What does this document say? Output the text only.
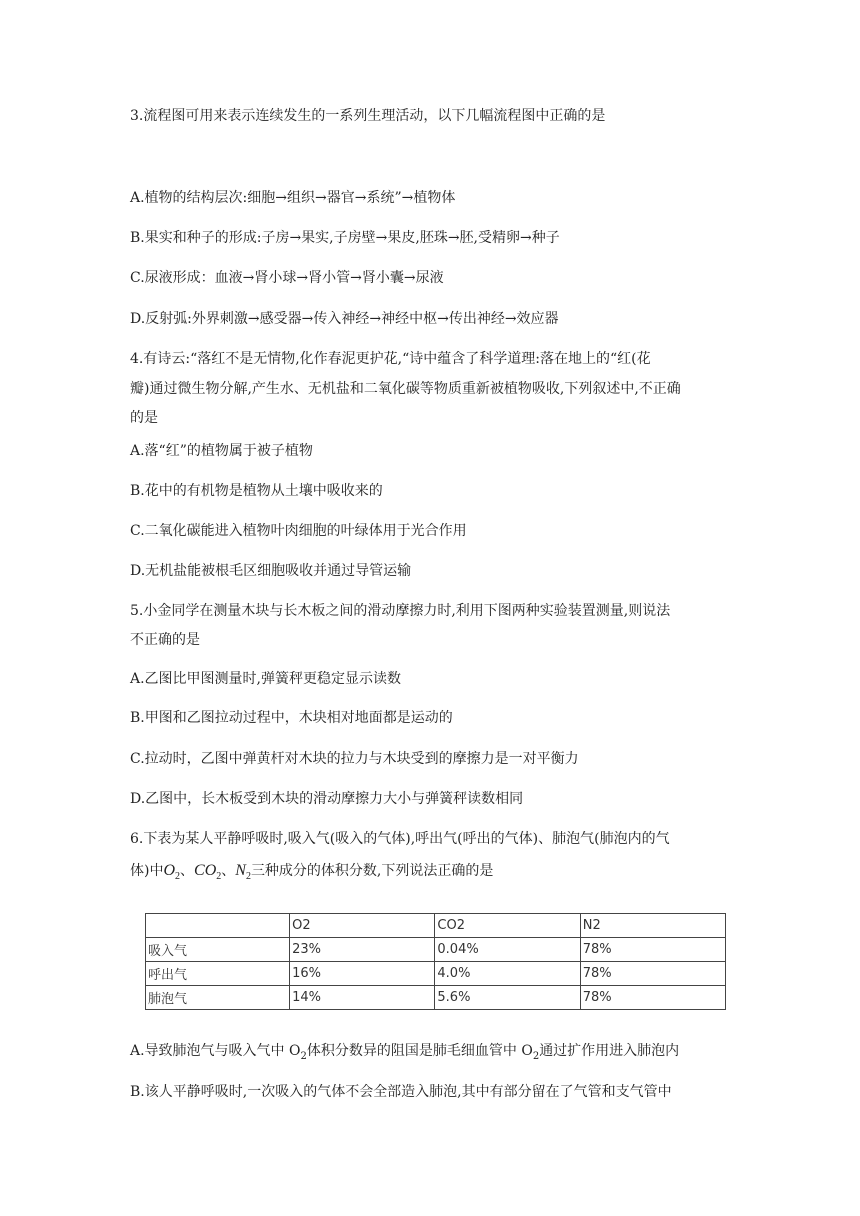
3.流程图可用来表示连续发生的一系列生理活动，以下几幅流程图中正确的是
A.植物的结构层次:细胞→组织→器官→系统”→植物体
B.果实和种子的形成:子房→果实,子房壁→果皮,胚珠→胚,受精卵→种子
C.尿液形成：血液→肾小球→肾小管→肾小囊→尿液
D.反射弧:外界刺激→感受器→传入神经→神经中枢→传出神经→效应器
4.有诗云:“落红不是无情物,化作春泥更护花,“诗中蕴含了科学道理:落在地上的“红(花
瓣)通过微生物分解,产生水、无机盐和二氧化碳等物质重新被植物吸收,下列叙述中,不正确
的是
A.落“红”的植物属于被子植物
B.花中的有机物是植物从土壤中吸收来的
C.二氧化碳能进入植物叶肉细胞的叶绿体用于光合作用
D.无机盐能被根毛区细胞吸收并通过导管运输
5.小金同学在测量木块与长木板之间的滑动摩擦力时,利用下图两种实验装置测量,则说法
不正确的是
A.乙图比甲图测量时,弹簧秤更稳定显示读数
B.甲图和乙图拉动过程中，木块相对地面都是运动的
C.拉动时，乙图中弹黄杆对木块的拉力与木块受到的摩擦力是一对平衡力
D.乙图中，长木板受到木块的滑动摩擦力大小与弹簧秤读数相同
6.下表为某人平静呼吸时,吸入气(吸入的气体),呼出气(呼出的气体)、肺泡气(肺泡内的气
体)中$O_2$、$CO_2$、$N_2$三种成分的体积分数,下列说法正确的是
	O2	CO2	N2
吸入气	23%	0.04%	78%
呼出气	16%	4.0%	78%
肺泡气	14%	5.6%	78%
A.导致肺泡气与吸入气中 $O_2$体积分数异的阻国是肺毛细血管中 $O_2$通过扩作用进入肺泡内
B.该人平静呼吸时,一次吸入的气体不会全部造入肺泡,其中有部分留在了气管和支气管中
